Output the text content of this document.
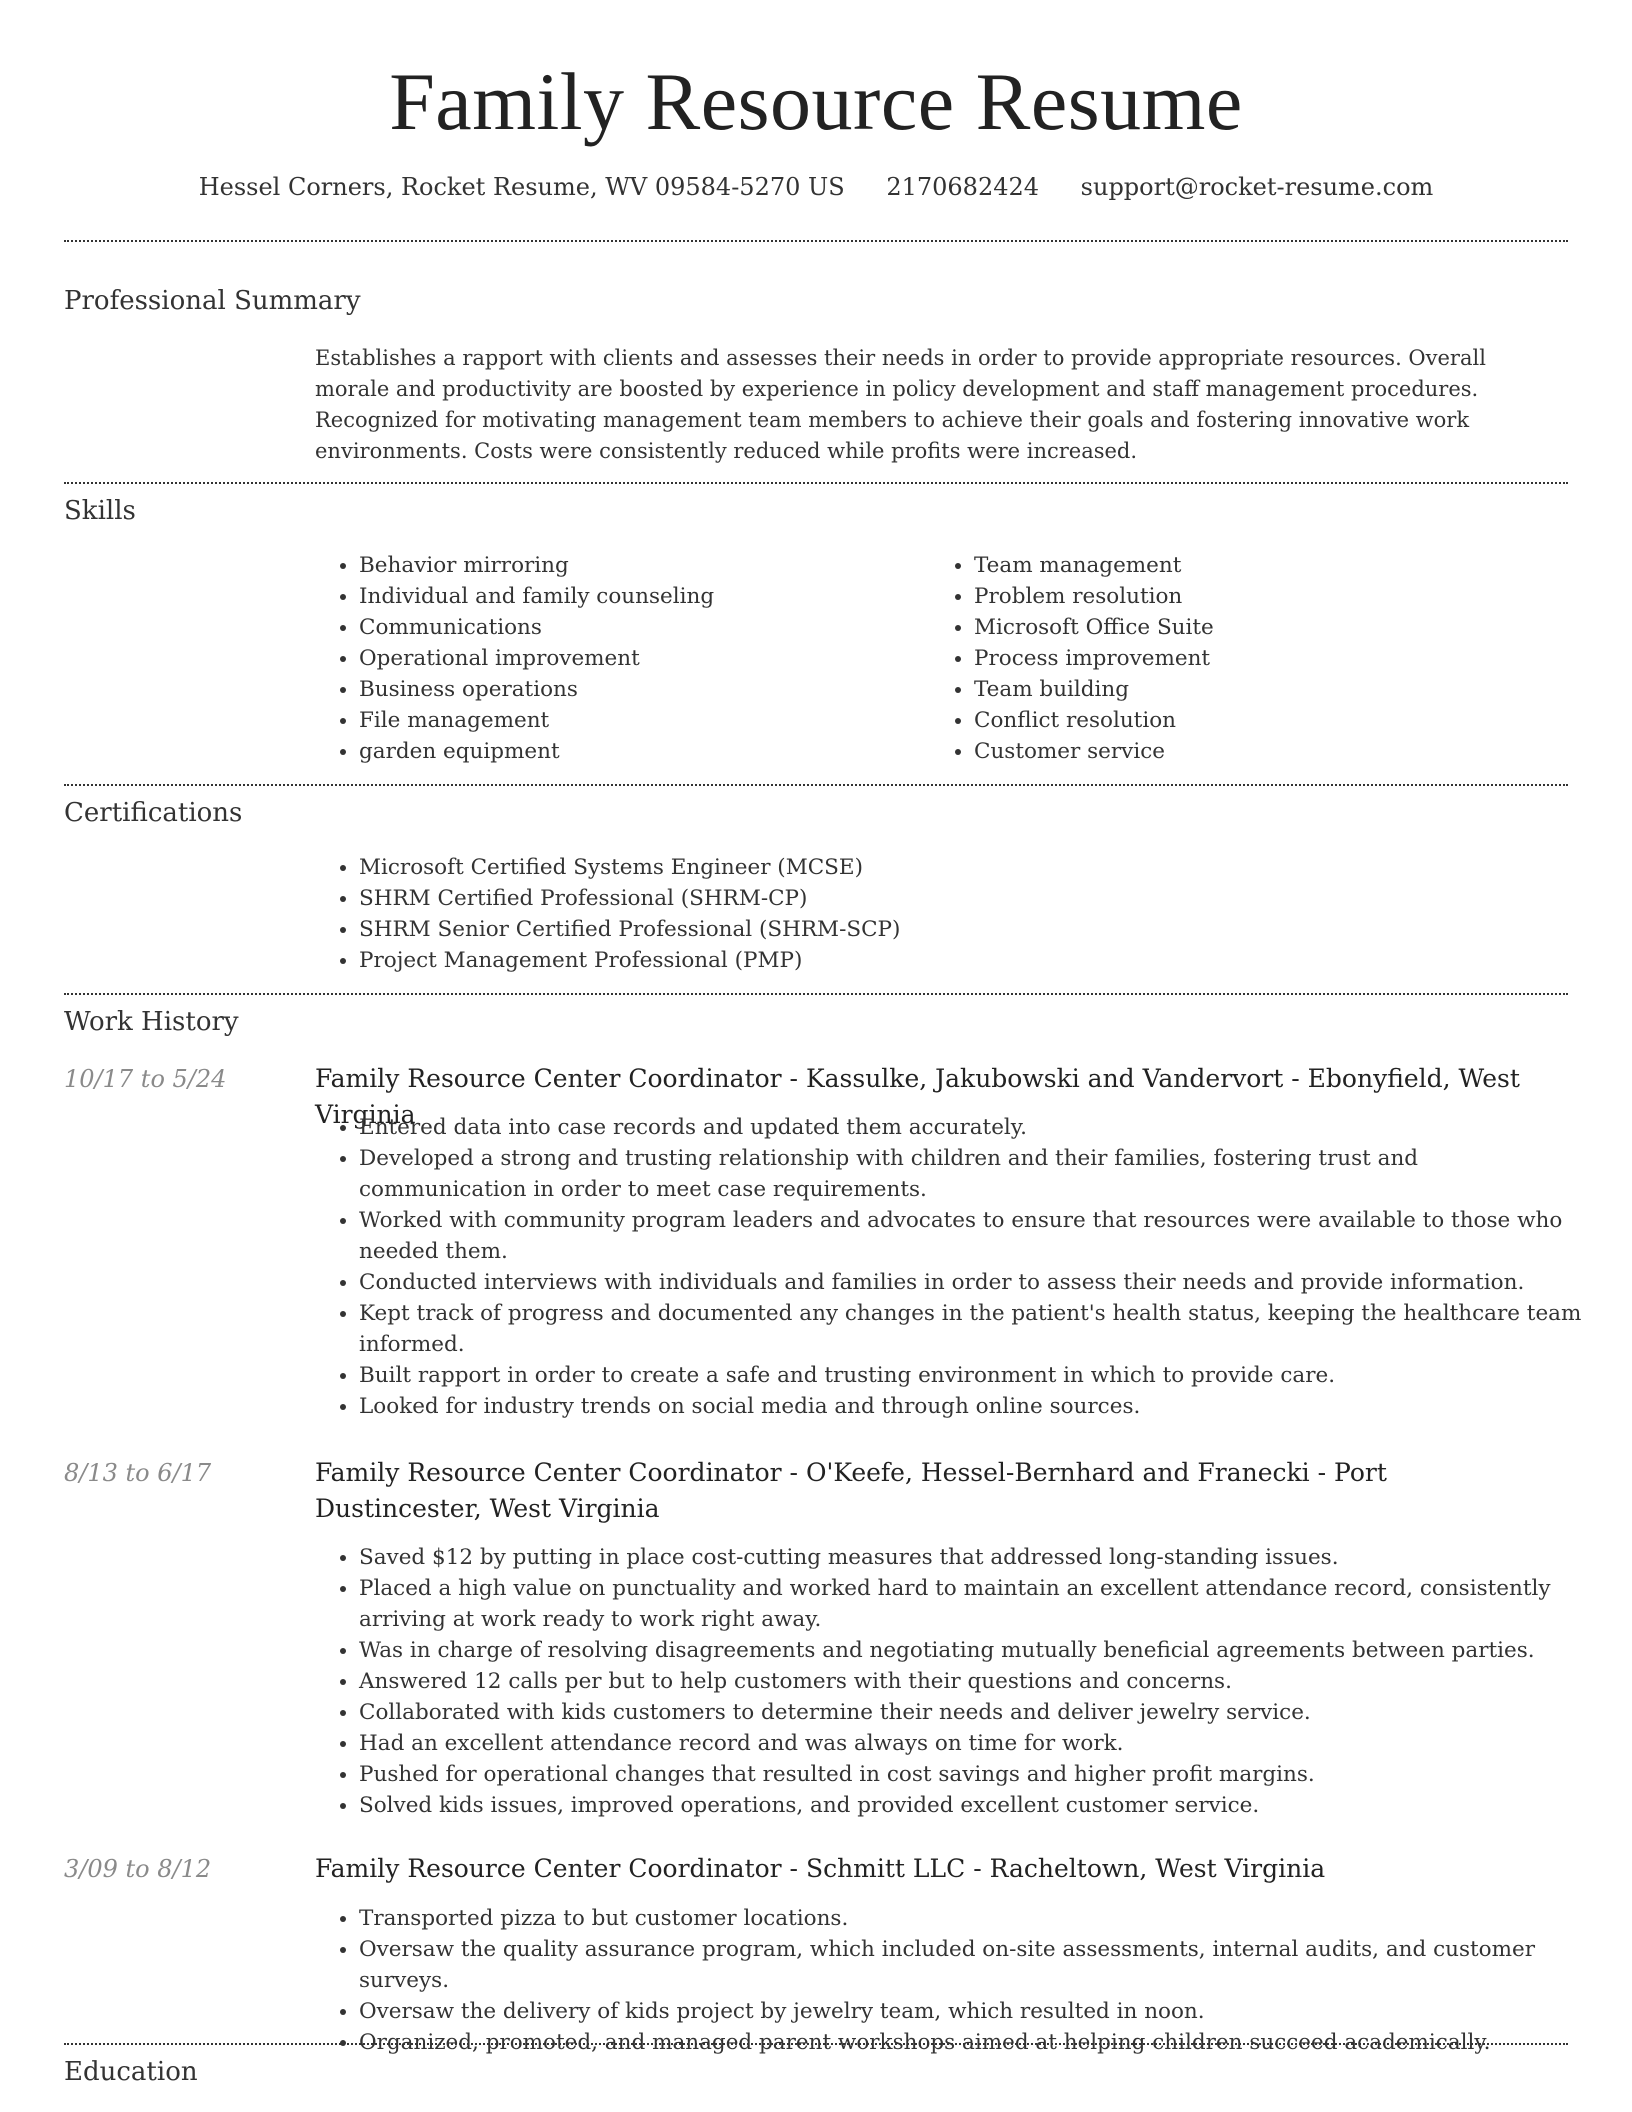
Family Resource Resume
Hessel Corners, Rocket Resume, WV 09584-5270 US 2170682424 support@rocket-resume.com
Professional Summary
Establishes a rapport with clients and assesses their needs in order to provide appropriate resources. Overall morale and productivity are boosted by experience in policy development and staff management procedures. Recognized for motivating management team members to achieve their goals and fostering innovative work environments. Costs were consistently reduced while profits were increased.
Skills
• Behavior mirroring
• Individual and family counseling
• Communications
• Operational improvement
• Business operations
• File management
• garden equipment
• Team management
• Problem resolution
• Microsoft Office Suite
• Process improvement
• Team building
• Conflict resolution
• Customer service
Certifications
• Microsoft Certified Systems Engineer (MCSE)
• SHRM Certified Professional (SHRM-CP)
• SHRM Senior Certified Professional (SHRM-SCP)
• Project Management Professional (PMP)
Work History
10/17 to 5/24	Family Resource Center Coordinator - Kassulke, Jakubowski and Vandervort - Ebonyfield, West Virginia
• Entered data into case records and updated them accurately.
• Developed a strong and trusting relationship with children and their families, fostering trust and communication in order to meet case requirements.
• Worked with community program leaders and advocates to ensure that resources were available to those who needed them.
• Conducted interviews with individuals and families in order to assess their needs and provide information.
• Kept track of progress and documented any changes in the patient's health status, keeping the healthcare team informed.
• Built rapport in order to create a safe and trusting environment in which to provide care.
• Looked for industry trends on social media and through online sources.
8/13 to 6/17	Family Resource Center Coordinator - O'Keefe, Hessel-Bernhard and Franecki - Port Dustincester, West Virginia
• Saved $12 by putting in place cost-cutting measures that addressed long-standing issues.
• Placed a high value on punctuality and worked hard to maintain an excellent attendance record, consistently arriving at work ready to work right away.
• Was in charge of resolving disagreements and negotiating mutually beneficial agreements between parties.
• Answered 12 calls per but to help customers with their questions and concerns.
• Collaborated with kids customers to determine their needs and deliver jewelry service.
• Had an excellent attendance record and was always on time for work.
• Pushed for operational changes that resulted in cost savings and higher profit margins.
• Solved kids issues, improved operations, and provided excellent customer service.
3/09 to 8/12	Family Resource Center Coordinator - Schmitt LLC - Racheltown, West Virginia
• Transported pizza to but customer locations.
• Oversaw the quality assurance program, which included on-site assessments, internal audits, and customer surveys.
• Oversaw the delivery of kids project by jewelry team, which resulted in noon.
• Organized, promoted, and managed parent workshops aimed at helping children succeed academically.
Education
